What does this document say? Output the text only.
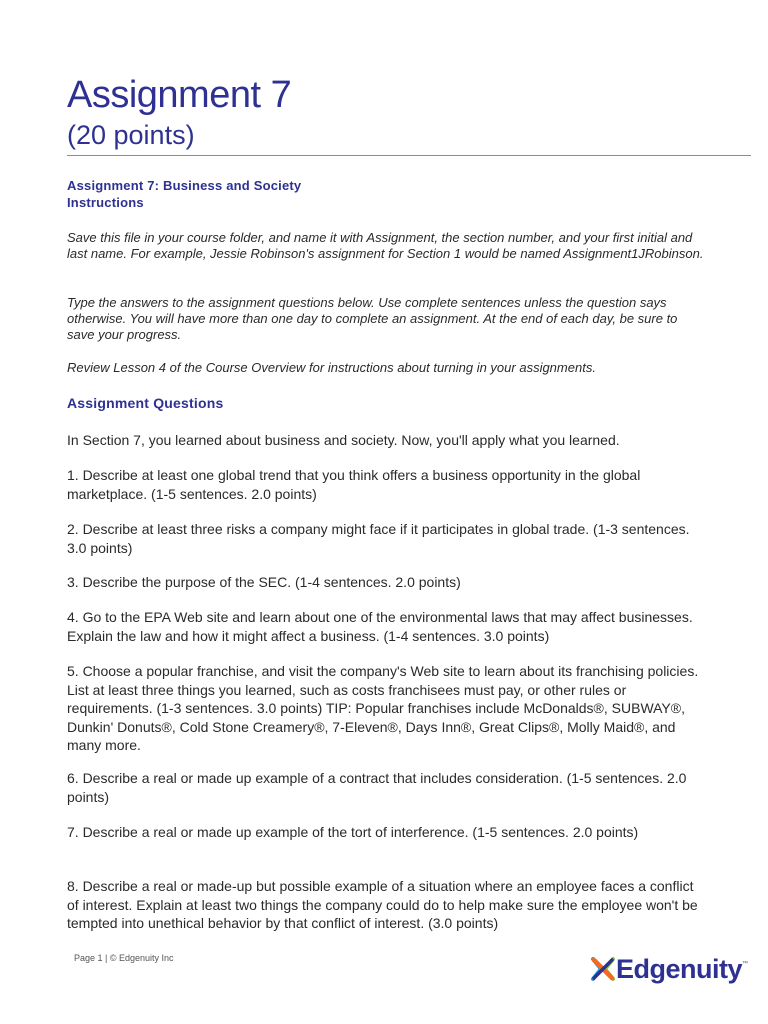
Assignment 7
(20 points)
Assignment 7: Business and Society
Instructions
Save this file in your course folder, and name it with Assignment, the section number, and your first initial and last name. For example, Jessie Robinson's assignment for Section 1 would be named Assignment1JRobinson.
Type the answers to the assignment questions below. Use complete sentences unless the question says otherwise. You will have more than one day to complete an assignment. At the end of each day, be sure to save your progress.
Review Lesson 4 of the Course Overview for instructions about turning in your assignments.
Assignment Questions
In Section 7, you learned about business and society. Now, you'll apply what you learned.
1. Describe at least one global trend that you think offers a business opportunity in the global marketplace. (1-5 sentences. 2.0 points)
2. Describe at least three risks a company might face if it participates in global trade. (1-3 sentences. 3.0 points)
3. Describe the purpose of the SEC. (1-4 sentences. 2.0 points)
4. Go to the EPA Web site and learn about one of the environmental laws that may affect businesses. Explain the law and how it might affect a business. (1-4 sentences. 3.0 points)
5. Choose a popular franchise, and visit the company's Web site to learn about its franchising policies. List at least three things you learned, such as costs franchisees must pay, or other rules or requirements. (1-3 sentences. 3.0 points) TIP: Popular franchises include McDonalds®, SUBWAY®, Dunkin' Donuts®, Cold Stone Creamery®, 7-Eleven®, Days Inn®, Great Clips®, Molly Maid®, and many more.
6. Describe a real or made up example of a contract that includes consideration. (1-5 sentences. 2.0 points)
7. Describe a real or made up example of the tort of interference. (1-5 sentences. 2.0 points)
8. Describe a real or made-up but possible example of a situation where an employee faces a conflict of interest. Explain at least two things the company could do to help make sure the employee won't be tempted into unethical behavior by that conflict of interest. (3.0 points)
Page 1 | © Edgenuity Inc	Edgenuity ™
